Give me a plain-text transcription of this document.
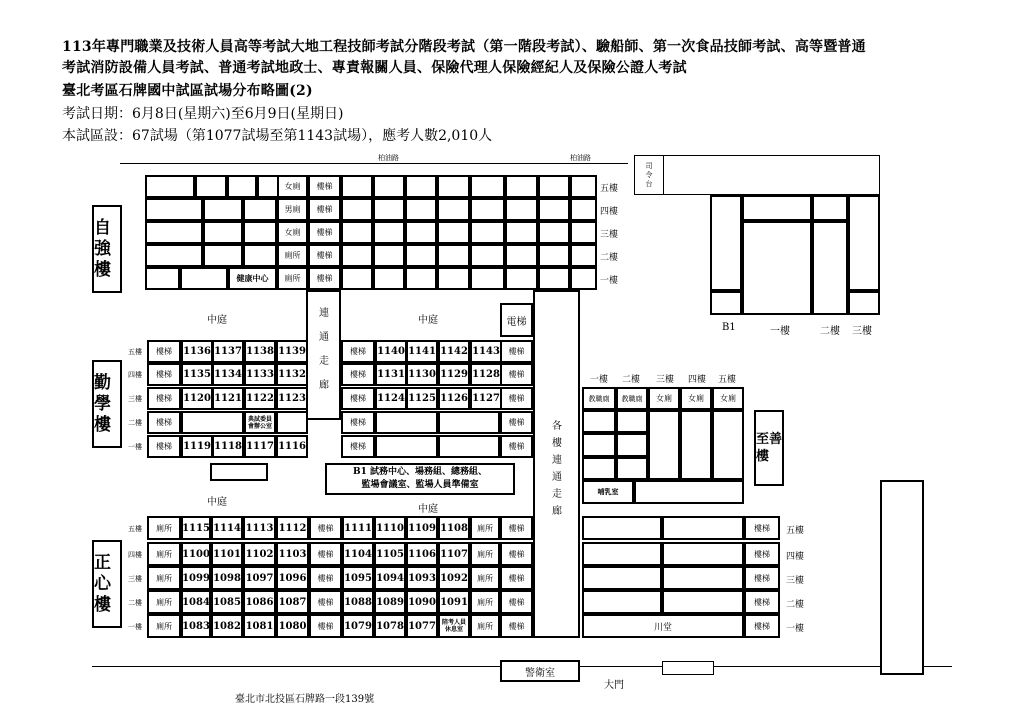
113年專門職業及技術人員高等考試大地工程技師考試分階段考試（第一階段考試）、驗船師、第一次食品技師考試、高等暨普通
考試消防設備人員考試、普通考試地政士、專責報關人員、保險代理人保險經紀人及保險公證人考試
臺北考區石牌國中試區試場分布略圖(2)
考試日期：6月8日(星期六)至6月9日(星期日)
本試區設：67試場（第1077試場至第1143試場），應考人數2,010人
柏油路	柏油路
司令台
自強樓
女廁	樓梯	五樓
男廁	樓梯	四樓
女廁	樓梯	三樓
廁所	樓梯	二樓
健康中心	廁所	樓梯	一樓
B1	一樓	二樓 三樓
中庭	中庭
連通走廊
電梯
各樓連通走廊
勤學樓
五樓	樓梯	1136 1137 1138 1139	樓梯	1140 1141 1142 1143	樓梯
四樓	樓梯	1135 1134 1133 1132	樓梯	1131 1130 1129 1128	樓梯
三樓	樓梯	1120 1121 1122 1123	樓梯	1124 1125 1126 1127	樓梯
二樓	樓梯	典試委員會辦公室	樓梯	樓梯
一樓	樓梯	1119 1118 1117 1116	樓梯	樓梯
B1 試務中心、場務組、總務組、
監場會議室、監場人員準備室
中庭
中庭
一樓 二樓 三樓 四樓 五樓
教職廁	教職廁	女廁	女廁	女廁
哺乳室
至善樓
正心樓
五樓	廁所	1115 1114 1113 1112	樓梯	1111 1110 1109 1108	廁所	樓梯	樓梯	五樓
四樓	廁所	1100 1101 1102 1103	樓梯	1104 1105 1106 1107	廁所	樓梯	樓梯	四樓
三樓	廁所	1099 1098 1097 1096	樓梯	1095 1094 1093 1092	廁所	樓梯	樓梯	三樓
二樓	廁所	1084 1085 1086 1087	樓梯	1088 1089 1090 1091	廁所	樓梯	樓梯	二樓
一樓	廁所	1083 1082 1081 1080	樓梯	1079 1078 1077	陪考人員休息室	廁所	樓梯	川堂	樓梯	一樓
警衛室
大門
臺北市北投區石牌路一段139號
